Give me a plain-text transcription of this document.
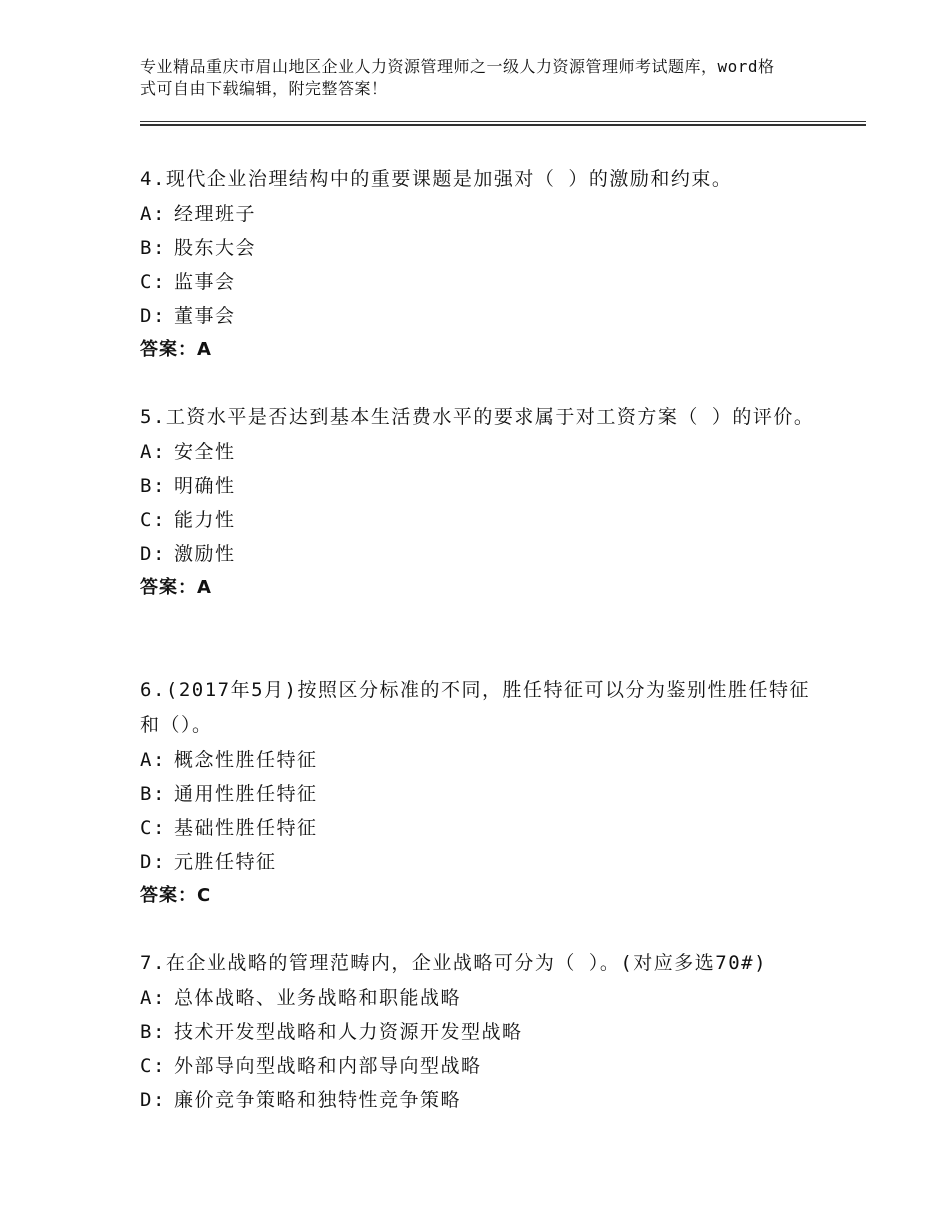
专业精品重庆市眉山地区企业人力资源管理师之一级人力资源管理师考试题库，word格式可自由下载编辑，附完整答案！
4.现代企业治理结构中的重要课题是加强对（ ）的激励和约束。
A: 经理班子
B: 股东大会
C: 监事会
D: 董事会
答案：A
5.工资水平是否达到基本生活费水平的要求属于对工资方案（ ）的评价。
A: 安全性
B: 明确性
C: 能力性
D: 激励性
答案：A
6.(2017年5月)按照区分标准的不同，胜任特征可以分为鉴别性胜任特征和（）。
A: 概念性胜任特征
B: 通用性胜任特征
C: 基础性胜任特征
D: 元胜任特征
答案：C
7.在企业战略的管理范畴内，企业战略可分为（ ）。(对应多选70#)
A: 总体战略、业务战略和职能战略
B: 技术开发型战略和人力资源开发型战略
C: 外部导向型战略和内部导向型战略
D: 廉价竞争策略和独特性竞争策略
